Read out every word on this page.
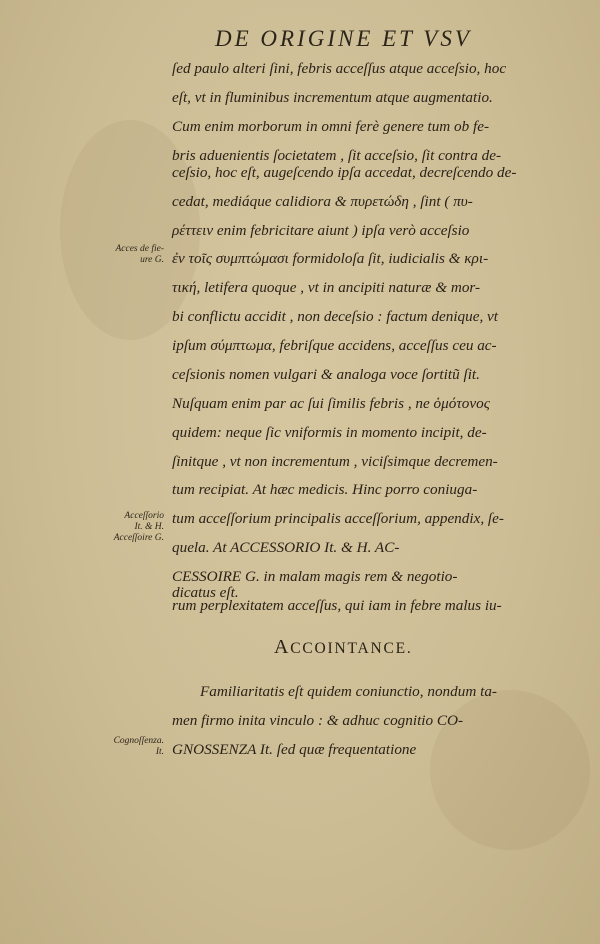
DE ORIGINE ET VSV
ſed paulo alteri ſini, febris acceſſus atque acceſsio, hoc
eſt, vt in fluminibus incrementum atque augmentatio.
Cum enim morborum in omni ferè genere tum ob fe-
bris aduenientis ſocietatem , ſit acceſsio, ſit contra de-
ceſsio, hoc eſt, augeſcendo ipſa accedat, decreſcendo de-
cedat, mediáque calidiora & πυρετώδη , ſint ( πυ-
ρέττειν enim febricitare aiunt ) ipſa verò acceſsio
ἐν τοῖς συμπτώμασι formidoloſa ſit, iudicialis & κρι-
τική, letifera quoque , vt in ancipiti naturæ & mor-
bi conflictu accidit , non deceſsio : factum denique, vt
ipſum σύμπτωμα, febriſque accidens, acceſſus ceu ac-
ceſsionis nomen vulgari & analoga voce ſortitũ ſit.
Nuſquam enim par ac ſui ſimilis febris , ne ὁμότονος
quidem: neque ſic vniformis in momento incipit, de-
ſinitque , vt non incrementum , viciſsimque decremen-
tum recipiat. At hæc medicis. Hinc porro coniuga-
tum acceſſorium principalis acceſſorium, appendix, ſe-
quela. At ACCESSORIO It. & H. AC-
CESSOIRE G. in malam magis rem & negotio-
rum perplexitatem acceſſus, qui iam in febre malus iu-
dicatus eſt.
ACCOINTANCE.
Familiaritatis eſt quidem coniunctio, nondum ta-
men firmo inita vinculo : & adhuc cognitio CO-
GNOSSENZA It. ſed quæ frequentatione
Acces de fie-
ure G.
Acceſſorio
It. & H.
Acceſſoire G.
Cognoſſenza.
It.
